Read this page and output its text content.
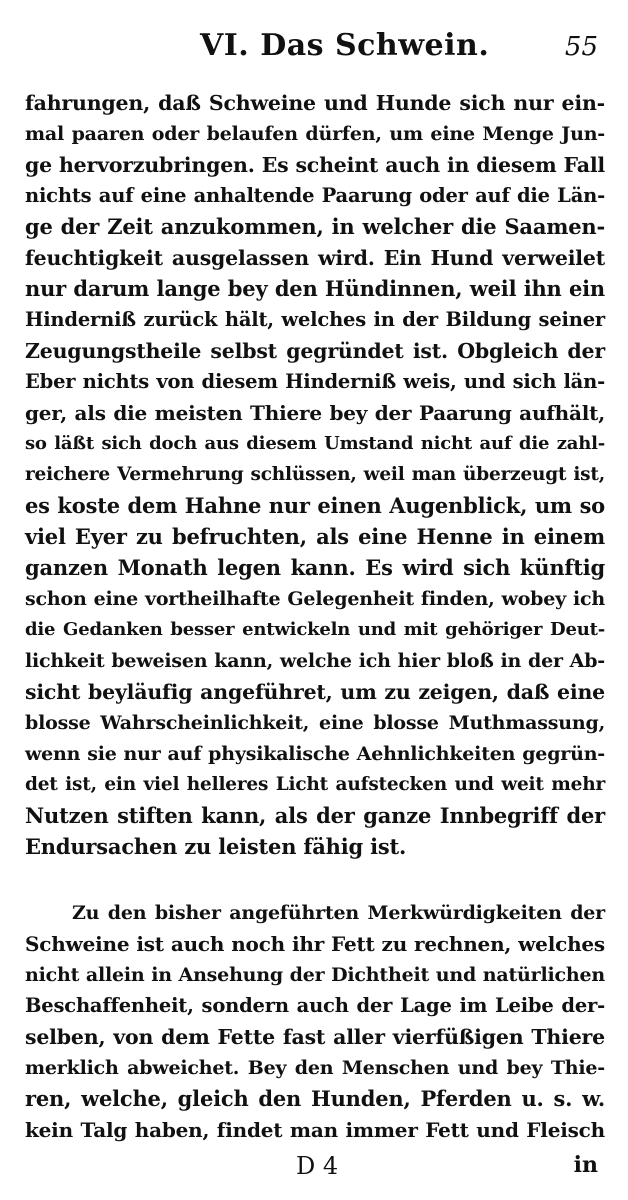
VI. Das Schwein.	55
fahrungen, daß Schweine und Hunde sich nur ein-
mal paaren oder belaufen dürfen, um eine Menge Jun-
ge hervorzubringen. Es scheint auch in diesem Fall
nichts auf eine anhaltende Paarung oder auf die Län-
ge der Zeit anzukommen, in welcher die Saamen-
feuchtigkeit ausgelassen wird. Ein Hund verweilet
nur darum lange bey den Hündinnen, weil ihn ein
Hinderniß zurück hält, welches in der Bildung seiner
Zeugungstheile selbst gegründet ist. Obgleich der
Eber nichts von diesem Hinderniß weis, und sich län-
ger, als die meisten Thiere bey der Paarung aufhält,
so läßt sich doch aus diesem Umstand nicht auf die zahl-
reichere Vermehrung schlüssen, weil man überzeugt ist,
es koste dem Hahne nur einen Augenblick, um so
viel Eyer zu befruchten, als eine Henne in einem
ganzen Monath legen kann. Es wird sich künftig
schon eine vortheilhafte Gelegenheit finden, wobey ich
die Gedanken besser entwickeln und mit gehöriger Deut-
lichkeit beweisen kann, welche ich hier bloß in der Ab-
sicht beyläufig angeführet, um zu zeigen, daß eine
blosse Wahrscheinlichkeit, eine blosse Muthmassung,
wenn sie nur auf physikalische Aehnlichkeiten gegrün-
det ist, ein viel helleres Licht aufstecken und weit mehr
Nutzen stiften kann, als der ganze Innbegriff der
Endursachen zu leisten fähig ist.
Zu den bisher angeführten Merkwürdigkeiten der
Schweine ist auch noch ihr Fett zu rechnen, welches
nicht allein in Ansehung der Dichtheit und natürlichen
Beschaffenheit, sondern auch der Lage im Leibe der-
selben, von dem Fette fast aller vierfüßigen Thiere
merklich abweichet. Bey den Menschen und bey Thie-
ren, welche, gleich den Hunden, Pferden u. s. w.
kein Talg haben, findet man immer Fett und Fleisch
D 4	in
